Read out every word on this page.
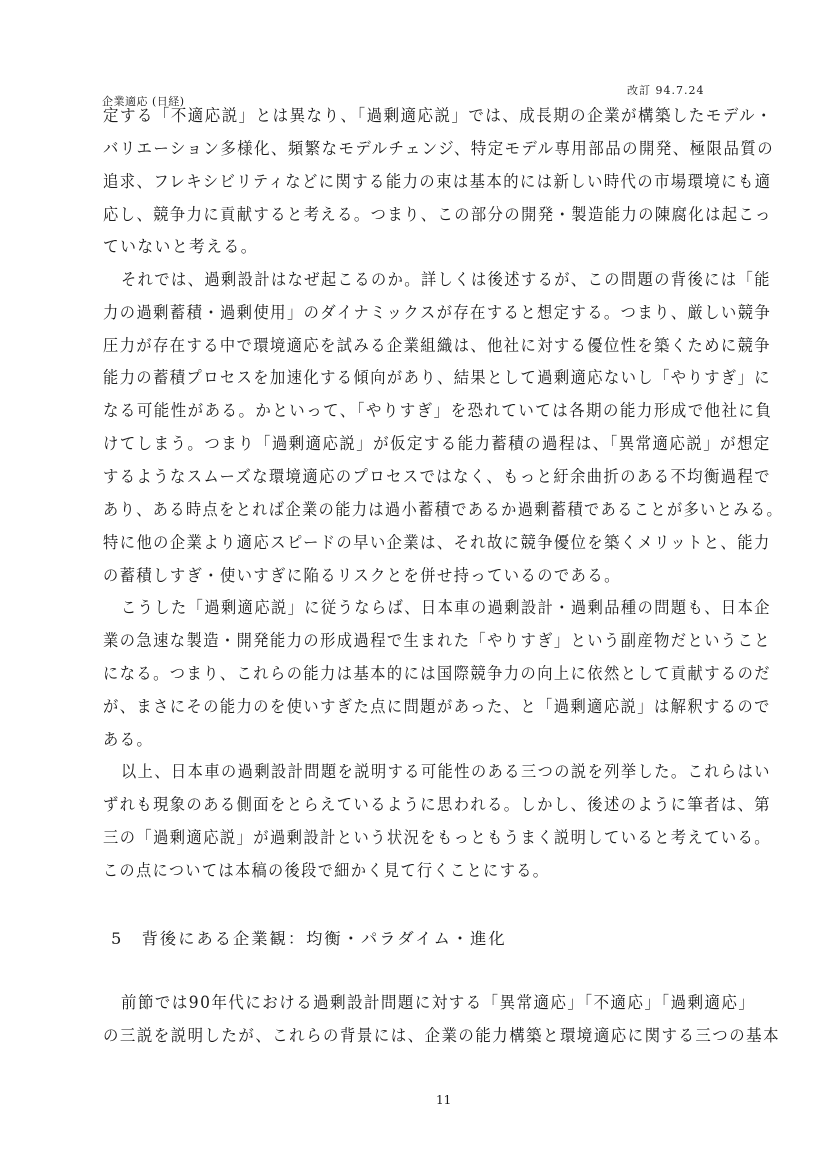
企業適応 (日経)
改訂 94.7.24
定する「不適応説」とは異なり、「過剰適応説」では、成長期の企業が構築したモデル・
バリエーション多様化、頻繁なモデルチェンジ、特定モデル専用部品の開発、極限品質の
追求、フレキシビリティなどに関する能力の束は基本的には新しい時代の市場環境にも適
応し、競争力に貢献すると考える。つまり、この部分の開発・製造能力の陳腐化は起こっ
ていないと考える。
それでは、過剰設計はなぜ起こるのか。詳しくは後述するが、この問題の背後には「能
力の過剰蓄積・過剰使用」のダイナミックスが存在すると想定する。つまり、厳しい競争
圧力が存在する中で環境適応を試みる企業組織は、他社に対する優位性を築くために競争
能力の蓄積プロセスを加速化する傾向があり、結果として過剰適応ないし「やりすぎ」に
なる可能性がある。かといって、「やりすぎ」を恐れていては各期の能力形成で他社に負
けてしまう。つまり「過剰適応説」が仮定する能力蓄積の過程は、「異常適応説」が想定
するようなスムーズな環境適応のプロセスではなく、もっと紆余曲折のある不均衡過程で
あり、ある時点をとれば企業の能力は過小蓄積であるか過剰蓄積であることが多いとみる。
特に他の企業より適応スピードの早い企業は、それ故に競争優位を築くメリットと、能力
の蓄積しすぎ・使いすぎに陥るリスクとを併せ持っているのである。
こうした「過剰適応説」に従うならば、日本車の過剰設計・過剰品種の問題も、日本企
業の急速な製造・開発能力の形成過程で生まれた「やりすぎ」という副産物だということ
になる。つまり、これらの能力は基本的には国際競争力の向上に依然として貢献するのだ
が、まさにその能力のを使いすぎた点に問題があった、と「過剰適応説」は解釈するので
ある。
以上、日本車の過剰設計問題を説明する可能性のある三つの説を列挙した。これらはい
ずれも現象のある側面をとらえているように思われる。しかし、後述のように筆者は、第
三の「過剰適応説」が過剰設計という状況をもっともうまく説明していると考えている。
この点については本稿の後段で細かく見て行くことにする。
5　背後にある企業観：均衡・パラダイム・進化
前節では90年代における過剰設計問題に対する「異常適応」「不適応」「過剰適応」
の三説を説明したが、これらの背景には、企業の能力構築と環境適応に関する三つの基本
11
